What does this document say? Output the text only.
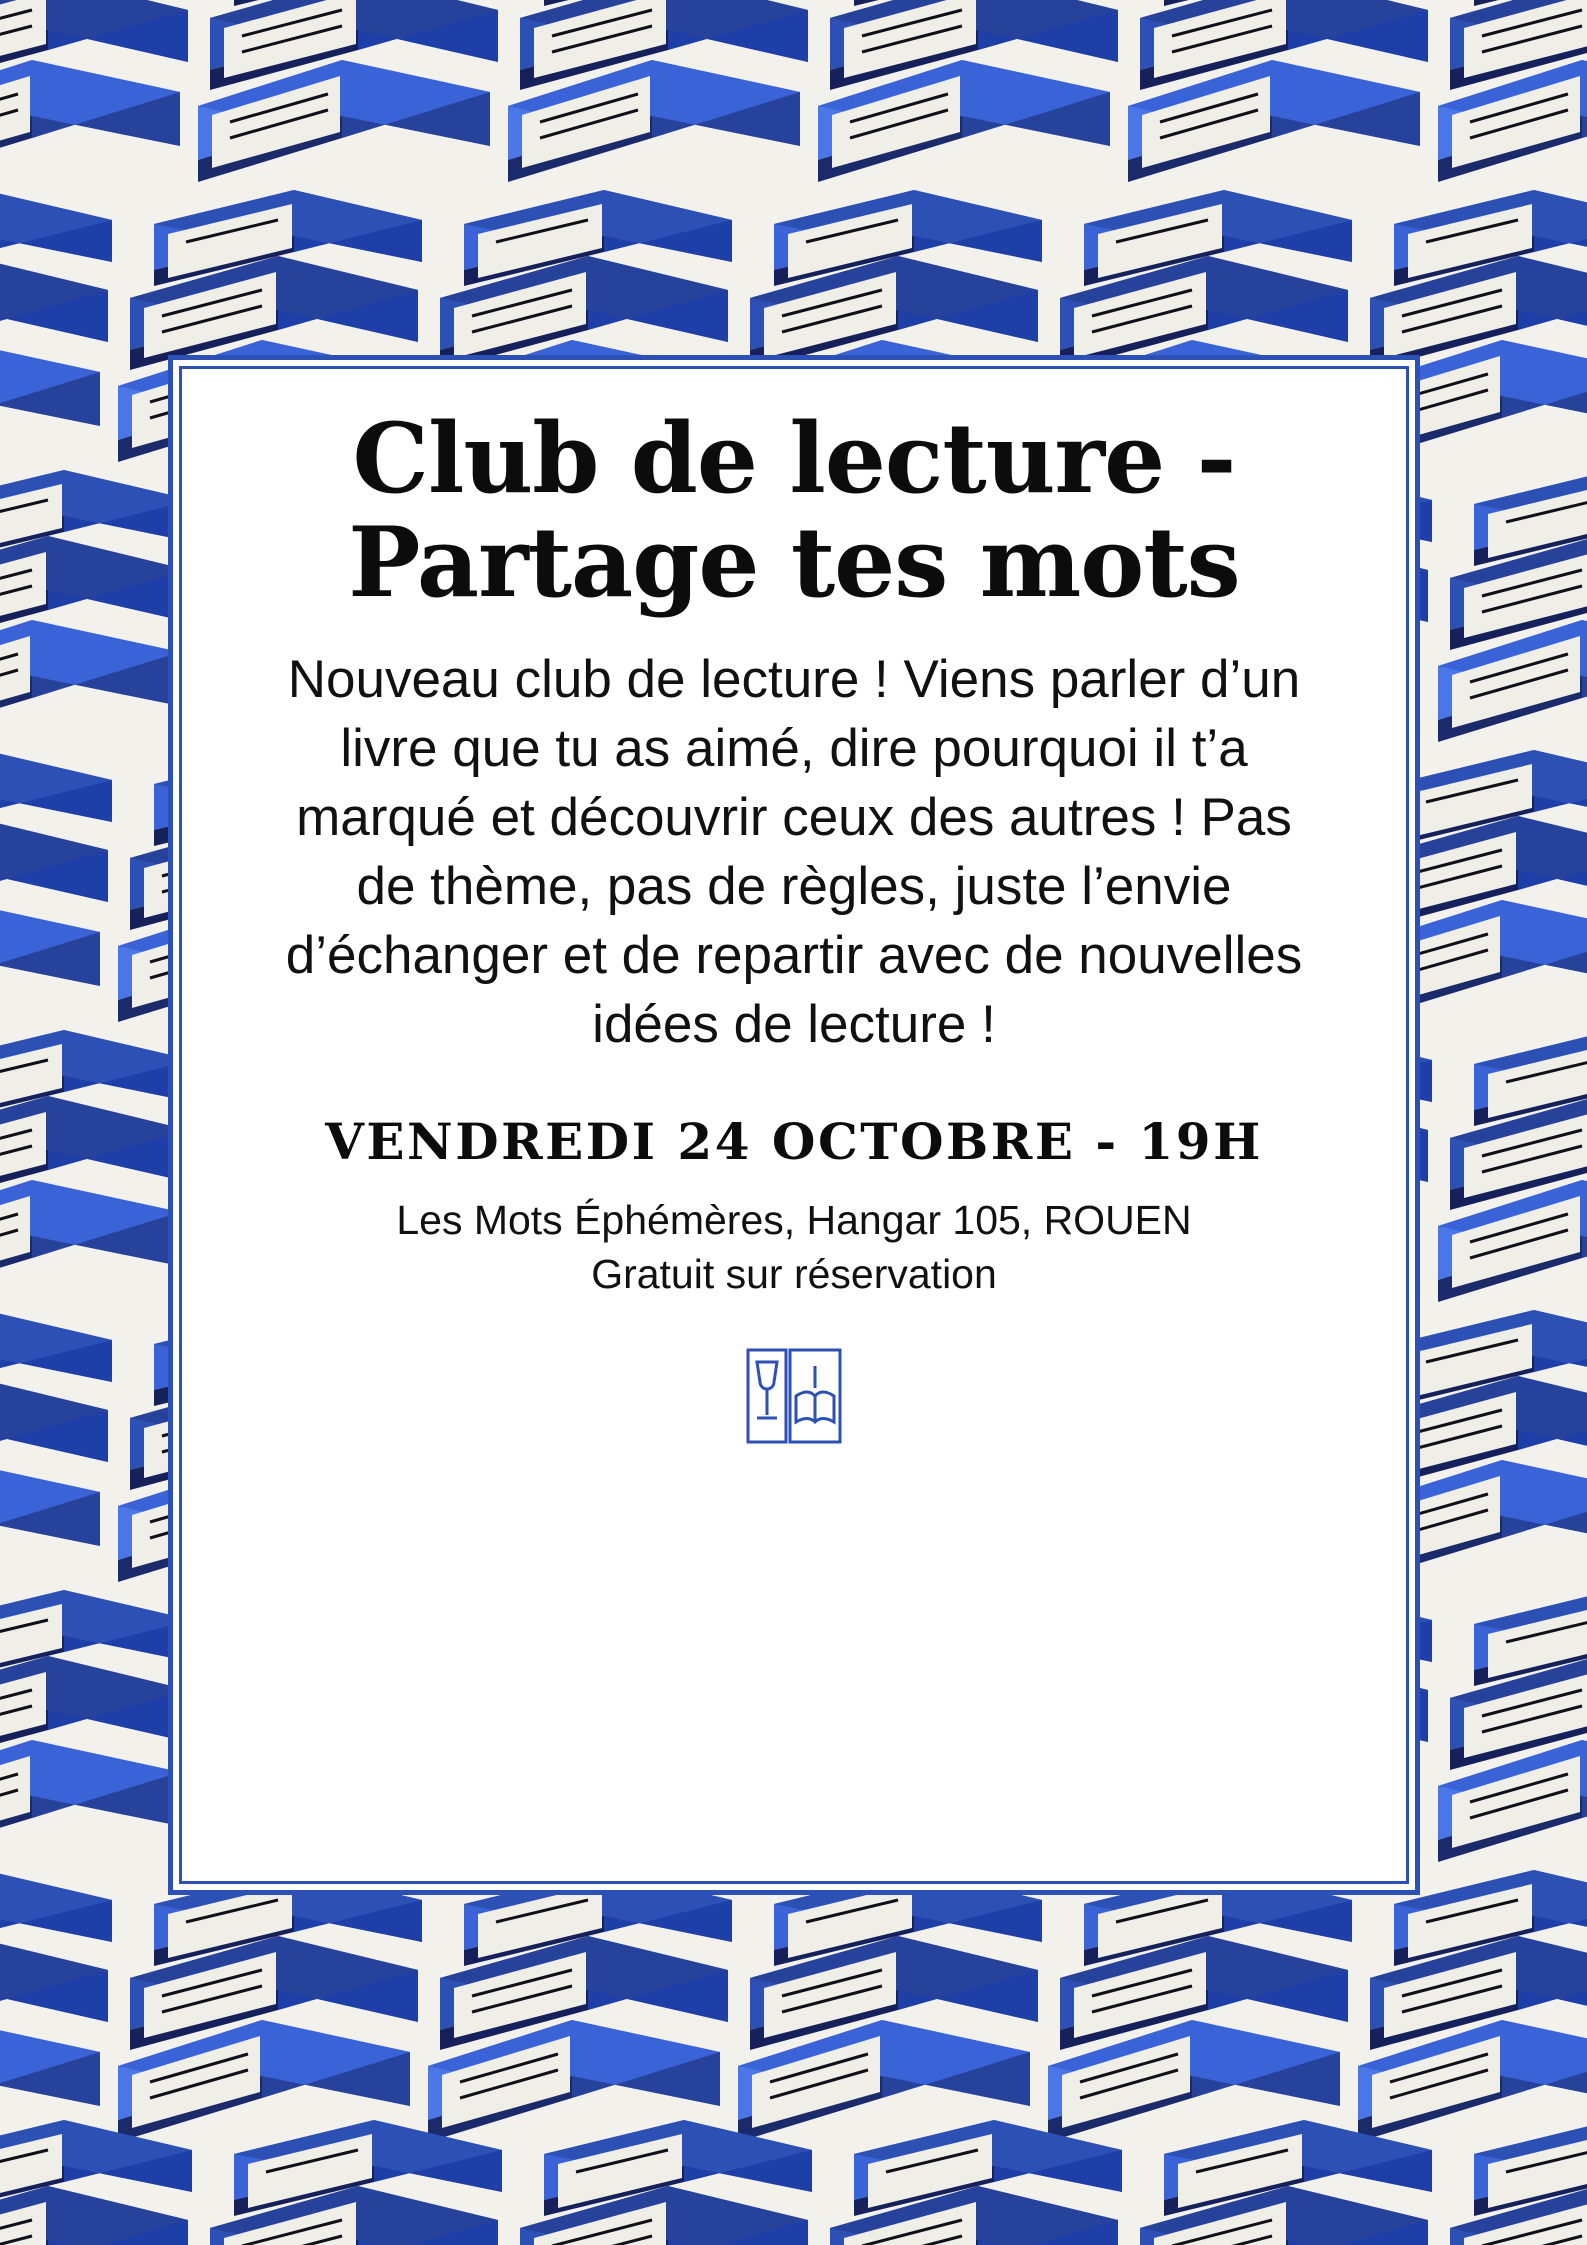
Club de lecture -
Partage tes mots

Nouveau club de lecture ! Viens parler d’un livre que tu as aimé, dire pourquoi il t’a marqué et découvrir ceux des autres ! Pas de thème, pas de règles, juste l’envie d’échanger et de repartir avec de nouvelles idées de lecture !

VENDREDI 24 OCTOBRE - 19H

Les Mots Éphémères, Hangar 105, ROUEN
Gratuit sur réservation
